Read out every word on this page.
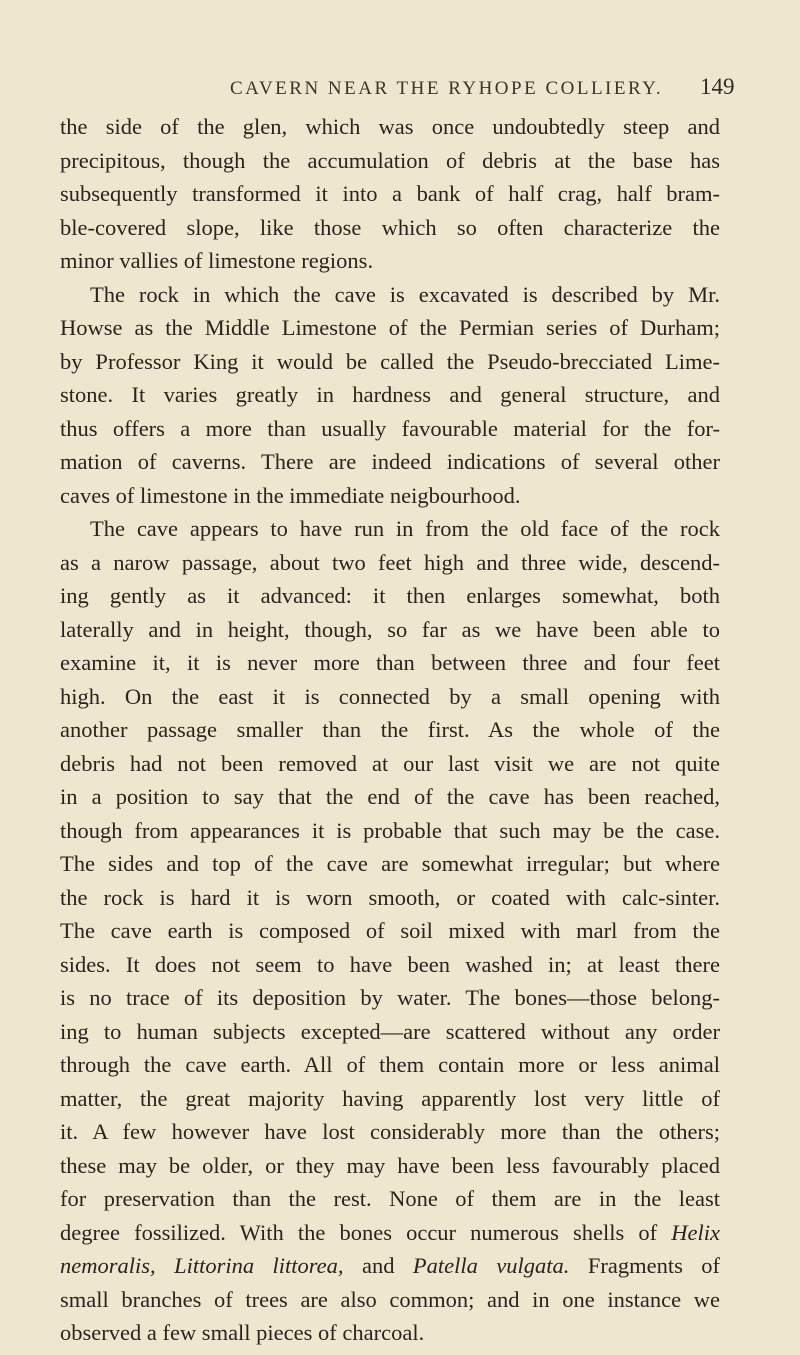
CAVERN NEAR THE RYHOPE COLLIERY. 149
the side of the glen, which was once undoubtedly steep and
precipitous, though the accumulation of debris at the base has
subsequently transformed it into a bank of half crag, half bram-
ble-covered slope, like those which so often characterize the
minor vallies of limestone regions.
The rock in which the cave is excavated is described by Mr.
Howse as the Middle Limestone of the Permian series of Durham;
by Professor King it would be called the Pseudo-brecciated Lime-
stone. It varies greatly in hardness and general structure, and
thus offers a more than usually favourable material for the for-
mation of caverns. There are indeed indications of several other
caves of limestone in the immediate neigbourhood.
The cave appears to have run in from the old face of the rock
as a narow passage, about two feet high and three wide, descend-
ing gently as it advanced: it then enlarges somewhat, both
laterally and in height, though, so far as we have been able to
examine it, it is never more than between three and four feet
high. On the east it is connected by a small opening with
another passage smaller than the first. As the whole of the
debris had not been removed at our last visit we are not quite
in a position to say that the end of the cave has been reached,
though from appearances it is probable that such may be the case.
The sides and top of the cave are somewhat irregular; but where
the rock is hard it is worn smooth, or coated with calc-sinter.
The cave earth is composed of soil mixed with marl from the
sides. It does not seem to have been washed in; at least there
is no trace of its deposition by water. The bones—those belong-
ing to human subjects excepted—are scattered without any order
through the cave earth. All of them contain more or less animal
matter, the great majority having apparently lost very little of
it. A few however have lost considerably more than the others;
these may be older, or they may have been less favourably placed
for preservation than the rest. None of them are in the least
degree fossilized. With the bones occur numerous shells of Helix
nemoralis, Littorina littorea, and Patella vulgata. Fragments of
small branches of trees are also common; and in one instance we
observed a few small pieces of charcoal.
